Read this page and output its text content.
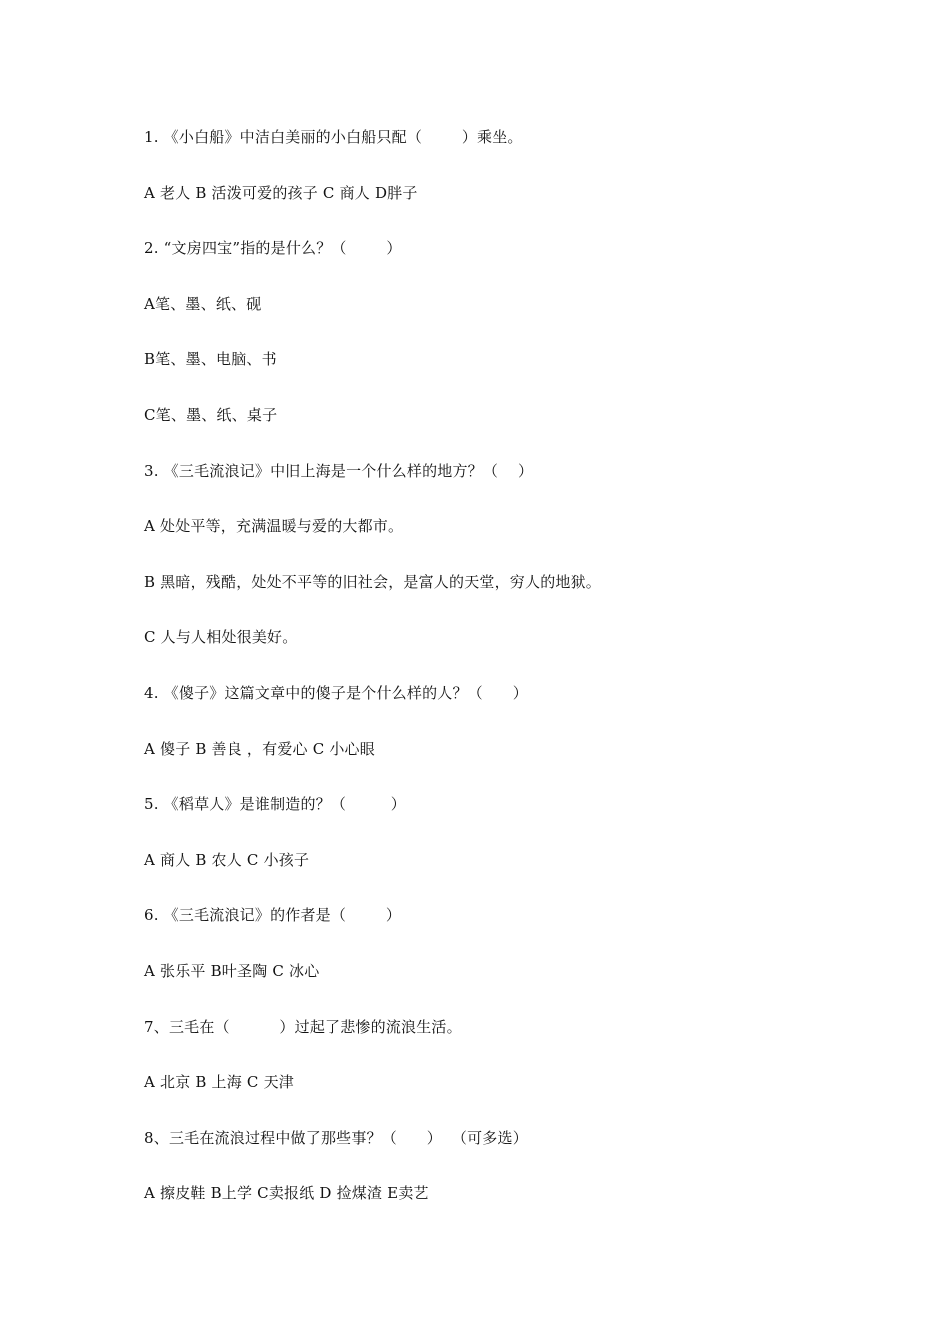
1. 《小白船》中洁白美丽的小白船只配（        ）乘坐。
A 老人 B 活泼可爱的孩子 C 商人 D胖子
2. “文房四宝”指的是什么？（        ）
A笔、墨、纸、砚
B笔、墨、电脑、书
C笔、墨、纸、桌子
3. 《三毛流浪记》中旧上海是一个什么样的地方？（    ）
A 处处平等，充满温暖与爱的大都市。
B 黑暗，残酷，处处不平等的旧社会，是富人的天堂，穷人的地狱。
C 人与人相处很美好。
4. 《傻子》这篇文章中的傻子是个什么样的人？（      ）
A 傻子 B 善良 ，有爱心 C 小心眼
5. 《稻草人》是谁制造的？（         ）
A 商人 B 农人 C 小孩子
6. 《三毛流浪记》的作者是（        ）
A 张乐平 B叶圣陶 C 冰心
7、三毛在（          ）过起了悲惨的流浪生活。
A 北京 B 上海 C 天津
8、三毛在流浪过程中做了那些事？（      ）  （可多选）
A 擦皮鞋 B上学 C卖报纸 D 捡煤渣 E卖艺
